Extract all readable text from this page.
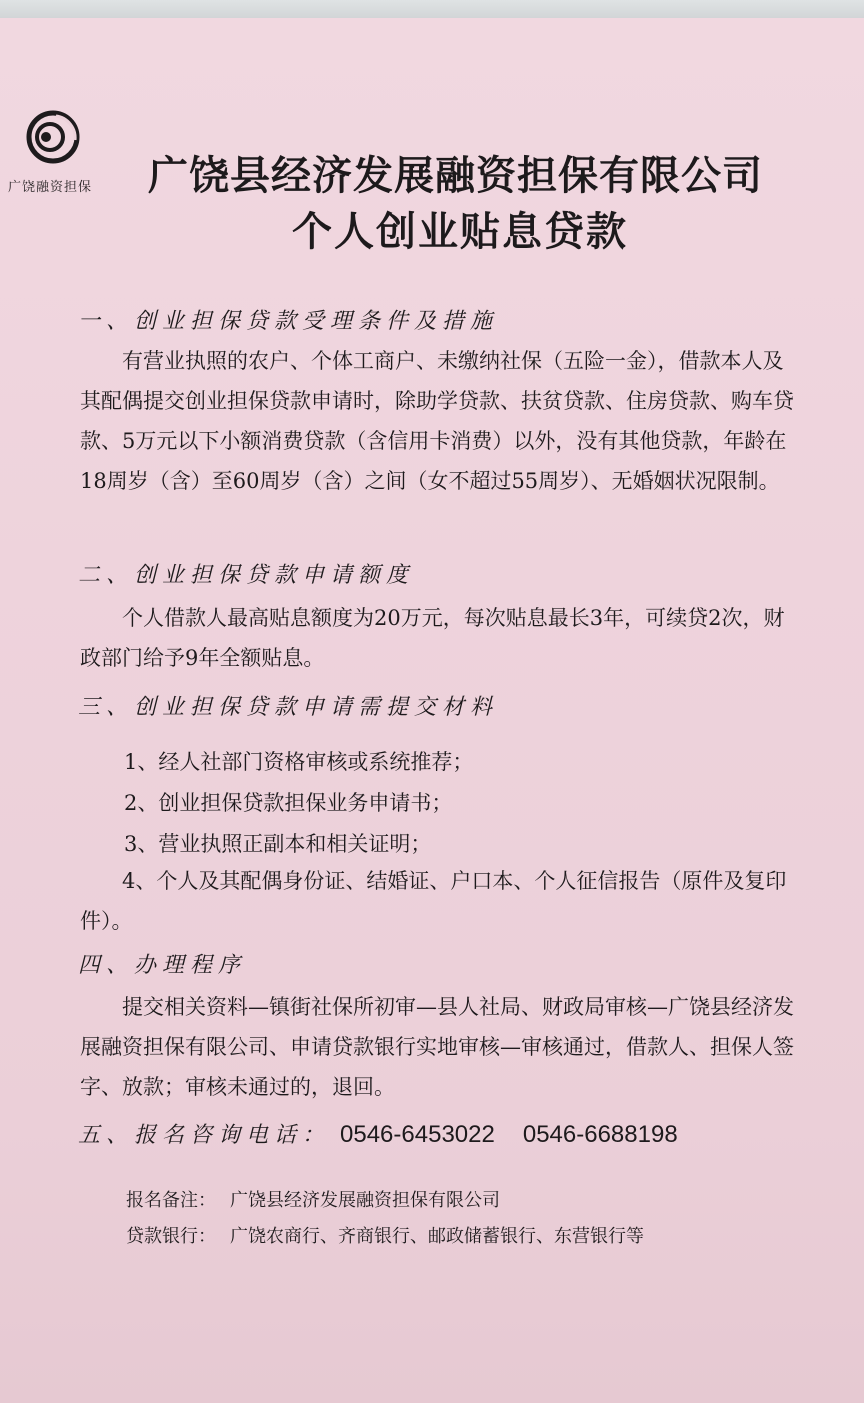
广饶融资担保 广饶县经济发展融资担保有限公司
个人创业贴息贷款
一、创业担保贷款受理条件及措施

有营业执照的农户、个体工商户、未缴纳社保（五险一金），借款本人及其配偶提交创业担保贷款申请时，除助学贷款、扶贫贷款、住房贷款、购车贷款、5万元以下小额消费贷款（含信用卡消费）以外，没有其他贷款，年龄在18周岁（含）至60周岁（含）之间（女不超过55周岁）、无婚姻状况限制。

二、创业担保贷款申请额度

个人借款人最高贴息额度为20万元，每次贴息最长3年，可续贷2次，财政部门给予9年全额贴息。

三、创业担保贷款申请需提交材料
1、经人社部门资格审核或系统推荐；
2、创业担保贷款担保业务申请书；
3、营业执照正副本和相关证明；

4、个人及其配偶身份证、结婚证、户口本、个人征信报告（原件及复印件）。

四、办理程序

提交相关资料—镇街社保所初审—县人社局、财政局审核—广饶县经济发展融资担保有限公司、申请贷款银行实地审核—审核通过，借款人、担保人签字、放款；审核未通过的，退回。

五、报名咨询电话： 0546-6453022 0546-6688198
报名备注： 广饶县经济发展融资担保有限公司
贷款银行： 广饶农商行、齐商银行、邮政储蓄银行、东营银行等
